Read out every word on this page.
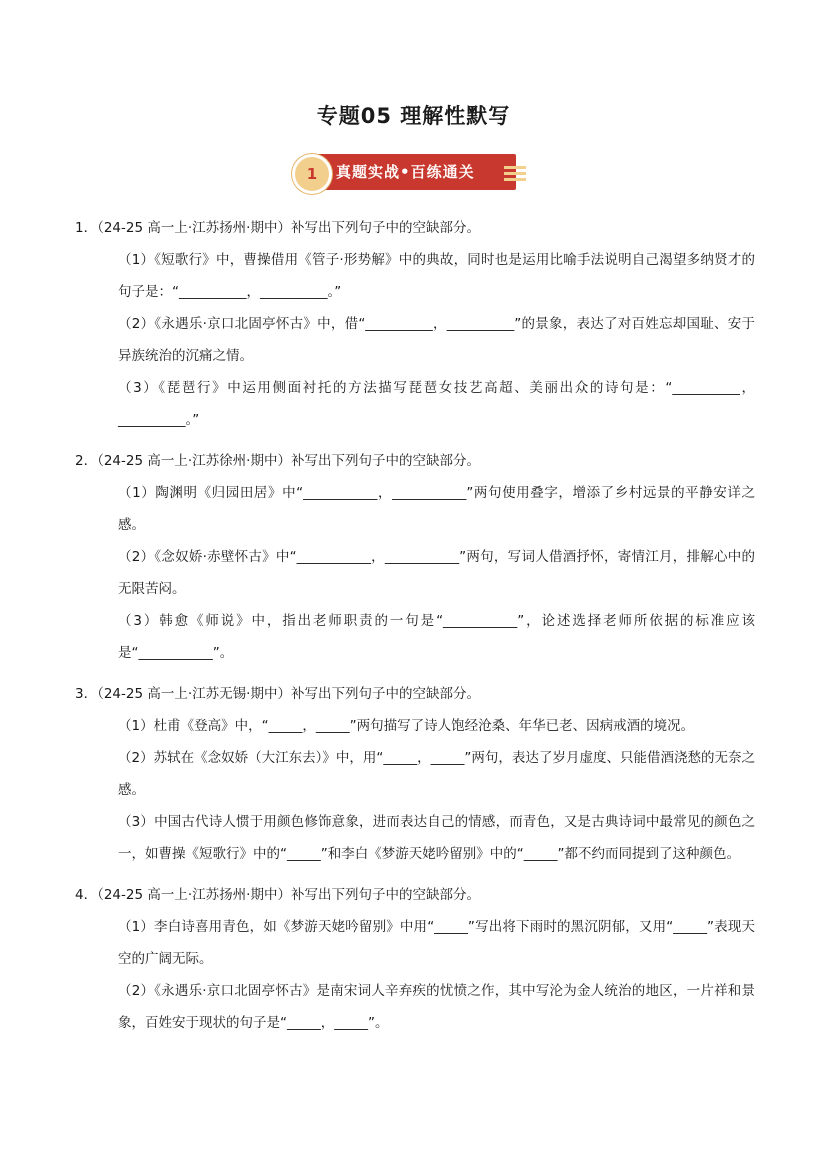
专题05 理解性默写
1	真题实战•百练通关

1．（24-25 高一上·江苏扬州·期中）补写出下列句子中的空缺部分。

（1）《短歌行》中，曹操借用《管子·形势解》中的典故，同时也是运用比喻手法说明自己渴望多纳贤才的句子是：“__________，__________。”

（2）《永遇乐·京口北固亭怀古》中，借“__________，__________”的景象，表达了对百姓忘却国耻、安于异族统治的沉痛之情。

（3）《琵琶行》中运用侧面衬托的方法描写琵琶女技艺高超、美丽出众的诗句是：“__________，__________。”

2．（24-25 高一上·江苏徐州·期中）补写出下列句子中的空缺部分。

（1）陶渊明《归园田居》中“___________，___________”两句使用叠字，增添了乡村远景的平静安详之感。

（2）《念奴娇·赤壁怀古》中“___________，___________”两句，写词人借酒抒怀，寄情江月，排解心中的无限苦闷。

（3）韩愈《师说》中，指出老师职责的一句是“___________”，论述选择老师所依据的标准应该是“___________”。

3．（24-25 高一上·江苏无锡·期中）补写出下列句子中的空缺部分。

（1）杜甫《登高》中，“_____，_____”两句描写了诗人饱经沧桑、年华已老、因病戒酒的境况。

（2）苏轼在《念奴娇（大江东去）》中，用“_____，_____”两句，表达了岁月虚度、只能借酒浇愁的无奈之感。

（3）中国古代诗人惯于用颜色修饰意象，进而表达自己的情感，而青色，又是古典诗词中最常见的颜色之一，如曹操《短歌行》中的“_____”和李白《梦游天姥吟留别》中的“_____”都不约而同提到了这种颜色。

4．（24-25 高一上·江苏扬州·期中）补写出下列句子中的空缺部分。

（1）李白诗喜用青色，如《梦游天姥吟留别》中用“_____”写出将下雨时的黑沉阴郁，又用“_____”表现天空的广阔无际。

（2）《永遇乐·京口北固亭怀古》是南宋词人辛弃疾的忧愤之作，其中写沦为金人统治的地区，一片祥和景象，百姓安于现状的句子是“_____，_____”。
